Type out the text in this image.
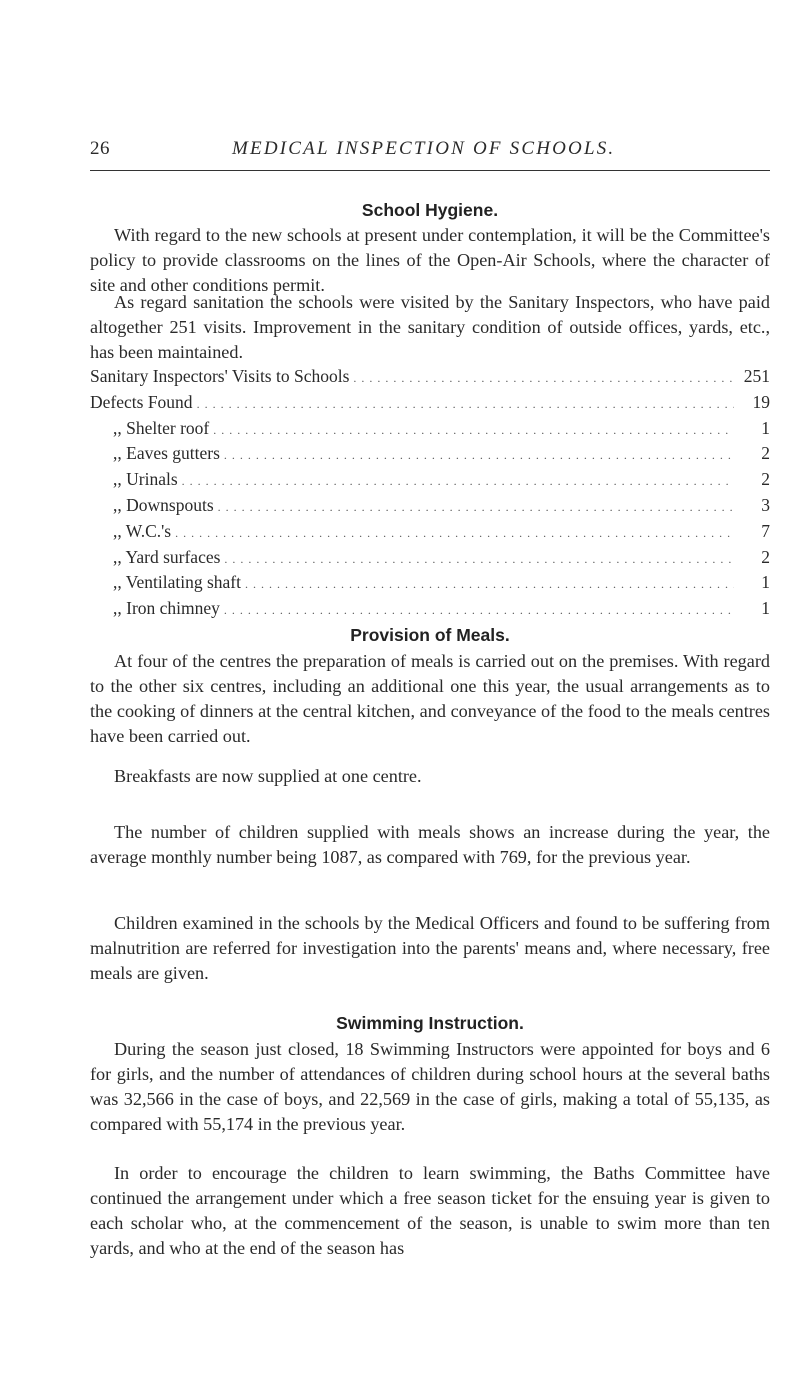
26	MEDICAL INSPECTION OF SCHOOLS.
School Hygiene.

With regard to the new schools at present under contemplation, it will be the Committee's policy to provide classrooms on the lines of the Open-Air Schools, where the character of site and other conditions permit.

As regard sanitation the schools were visited by the Sanitary Inspectors, who have paid altogether 251 visits. Improvement in the sanitary condition of outside offices, yards, etc., has been maintained.

Sanitary Inspectors' Visits to Schools . . .	251
Defects Found . . .	19
,, Shelter roof . . .	1
,, Eaves gutters . . .	2
,, Urinals . . .	2
,, Downspouts . . .	3
,, W.C.'s . . .	7
,, Yard surfaces . . .	2
,, Ventilating shaft . . .	1
,, Iron chimney . . .	1
Provision of Meals.

At four of the centres the preparation of meals is carried out on the premises. With regard to the other six centres, including an additional one this year, the usual arrangements as to the cooking of dinners at the central kitchen, and conveyance of the food to the meals centres have been carried out.

Breakfasts are now supplied at one centre.

The number of children supplied with meals shows an increase during the year, the average monthly number being 1087, as compared with 769, for the previous year.

Children examined in the schools by the Medical Officers and found to be suffering from malnutrition are referred for investigation into the parents' means and, where necessary, free meals are given.

Swimming Instruction.

During the season just closed, 18 Swimming Instructors were appointed for boys and 6 for girls, and the number of attendances of children during school hours at the several baths was 32,566 in the case of boys, and 22,569 in the case of girls, making a total of 55,135, as compared with 55,174 in the previous year.

In order to encourage the children to learn swimming, the Baths Committee have continued the arrangement under which a free season ticket for the ensuing year is given to each scholar who, at the commencement of the season, is unable to swim more than ten yards, and who at the end of the season has
